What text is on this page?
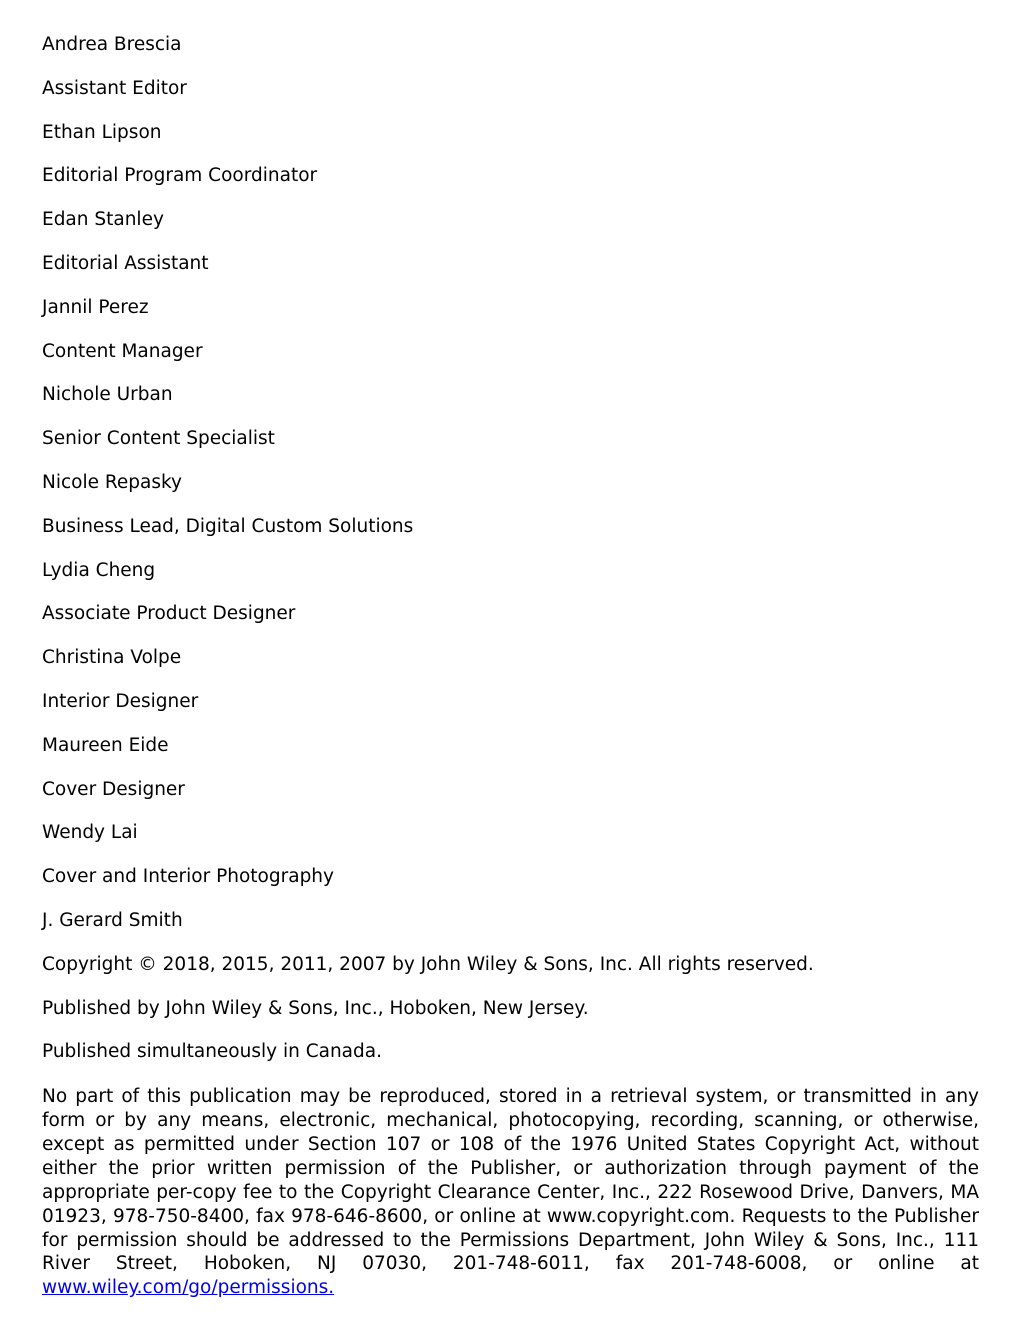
Andrea Brescia
Assistant Editor
Ethan Lipson
Editorial Program Coordinator
Edan Stanley
Editorial Assistant
Jannil Perez
Content Manager
Nichole Urban
Senior Content Specialist
Nicole Repasky
Business Lead, Digital Custom Solutions
Lydia Cheng
Associate Product Designer
Christina Volpe
Interior Designer
Maureen Eide
Cover Designer
Wendy Lai
Cover and Interior Photography
J. Gerard Smith

Copyright © 2018, 2015, 2011, 2007 by John Wiley & Sons, Inc. All rights reserved.

Published by John Wiley & Sons, Inc., Hoboken, New Jersey.

Published simultaneously in Canada.

No part of this publication may be reproduced, stored in a retrieval system, or transmitted in any form or by any means, electronic, mechanical, photocopying, recording, scanning, or otherwise, except as permitted under Section 107 or 108 of the 1976 United States Copyright Act, without either the prior written permission of the Publisher, or authorization through payment of the appropriate per-copy fee to the Copyright Clearance Center, Inc., 222 Rosewood Drive, Danvers, MA 01923, 978-750-8400, fax 978-646-8600, or online at www.copyright.com. Requests to the Publisher for permission should be addressed to the Permissions Department, John Wiley & Sons, Inc., 111 River Street, Hoboken, NJ 07030, 201-748-6011, fax 201-748-6008, or online at www.wiley.com/go/permissions.
